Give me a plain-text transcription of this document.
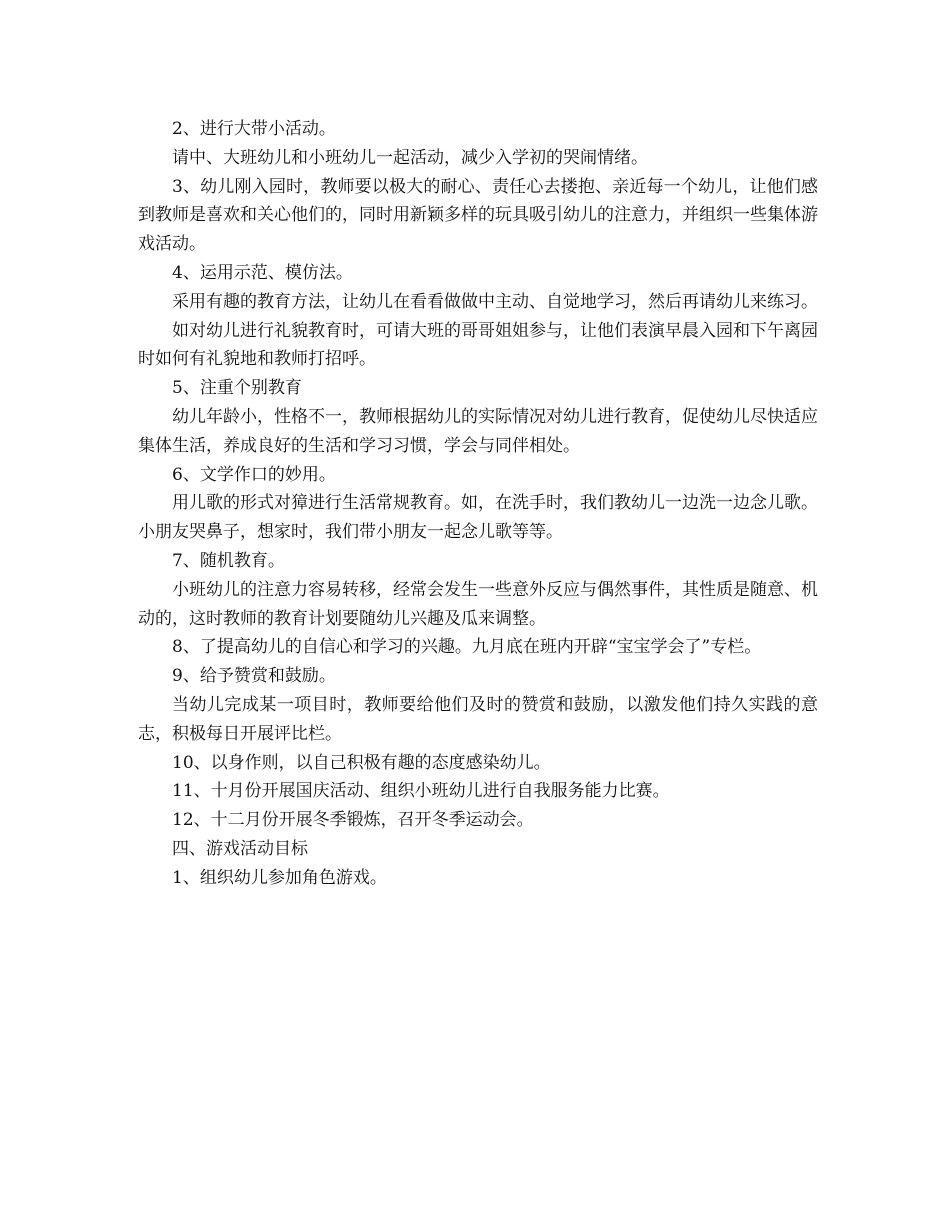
2、进行大带小活动。

请中、大班幼儿和小班幼儿一起活动，减少入学初的哭闹情绪。

3、幼儿刚入园时，教师要以极大的耐心、责任心去搂抱、亲近每一个幼儿，让他们感到教师是喜欢和关心他们的，同时用新颖多样的玩具吸引幼儿的注意力，并组织一些集体游戏活动。

4、运用示范、模仿法。

采用有趣的教育方法，让幼儿在看看做做中主动、自觉地学习，然后再请幼儿来练习。

如对幼儿进行礼貌教育时，可请大班的哥哥姐姐参与，让他们表演早晨入园和下午离园时如何有礼貌地和教师打招呼。

5、注重个别教育

幼儿年龄小，性格不一，教师根据幼儿的实际情况对幼儿进行教育，促使幼儿尽快适应集体生活，养成良好的生活和学习习惯，学会与同伴相处。

6、文学作口的妙用。

用儿歌的形式对獐进行生活常规教育。如，在洗手时，我们教幼儿一边洗一边念儿歌。小朋友哭鼻子，想家时，我们带小朋友一起念儿歌等等。

7、随机教育。

小班幼儿的注意力容易转移，经常会发生一些意外反应与偶然事件，其性质是随意、机动的，这时教师的教育计划要随幼儿兴趣及瓜来调整。

8、了提高幼儿的自信心和学习的兴趣。九月底在班内开辟“宝宝学会了”专栏。

9、给予赞赏和鼓励。

当幼儿完成某一项目时，教师要给他们及时的赞赏和鼓励，以激发他们持久实践的意志，积极每日开展评比栏。

10、以身作则，以自己积极有趣的态度感染幼儿。

11、十月份开展国庆活动、组织小班幼儿进行自我服务能力比赛。

12、十二月份开展冬季锻炼，召开冬季运动会。

四、游戏活动目标

1、组织幼儿参加角色游戏。
